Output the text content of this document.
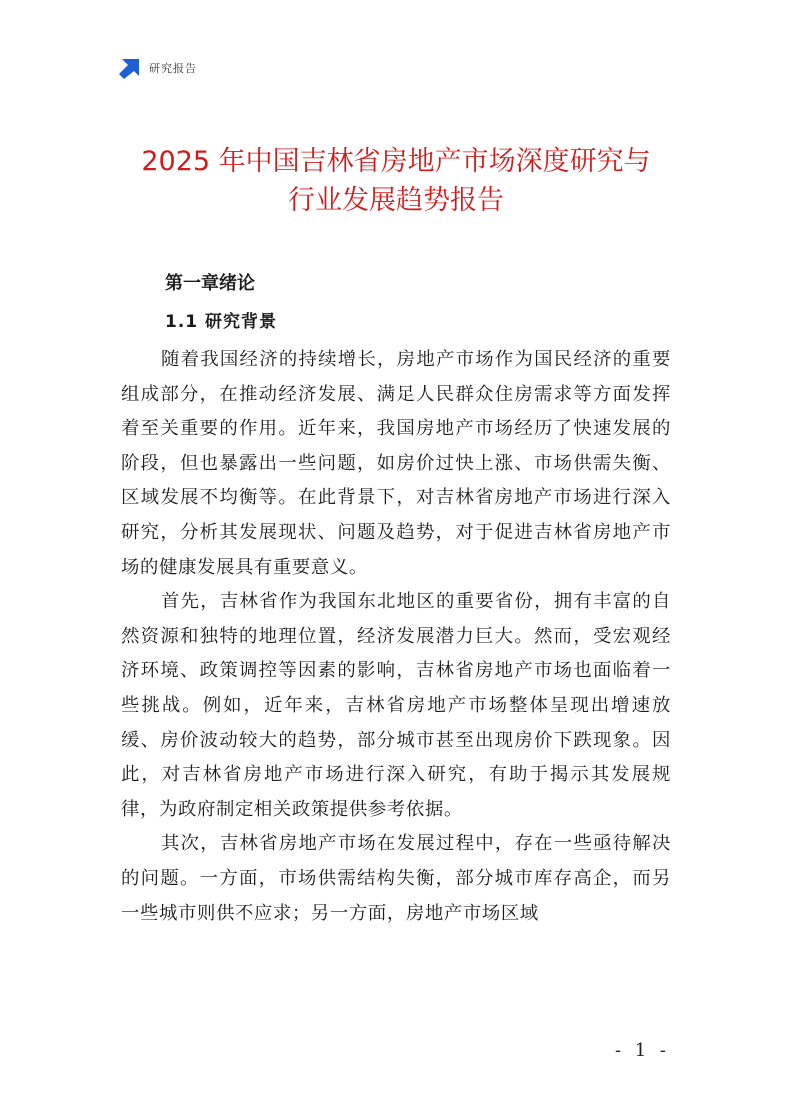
研究报告
2025 年中国吉林省房地产市场深度研究与
行业发展趋势报告
第一章绪论
1.1 研究背景

随着我国经济的持续增长，房地产市场作为国民经济的重要组成部分，在推动经济发展、满足人民群众住房需求等方面发挥着至关重要的作用。近年来，我国房地产市场经历了快速发展的阶段，但也暴露出一些问题，如房价过快上涨、市场供需失衡、区域发展不均衡等。在此背景下，对吉林省房地产市场进行深入研究，分析其发展现状、问题及趋势，对于促进吉林省房地产市场的健康发展具有重要意义。

首先，吉林省作为我国东北地区的重要省份，拥有丰富的自然资源和独特的地理位置，经济发展潜力巨大。然而，受宏观经济环境、政策调控等因素的影响，吉林省房地产市场也面临着一些挑战。例如，近年来，吉林省房地产市场整体呈现出增速放缓、房价波动较大的趋势，部分城市甚至出现房价下跌现象。因此，对吉林省房地产市场进行深入研究，有助于揭示其发展规律，为政府制定相关政策提供参考依据。

其次，吉林省房地产市场在发展过程中，存在一些亟待解决的问题。一方面，市场供需结构失衡，部分城市库存高企，而另一些城市则供不应求；另一方面，房地产市场区域

- 1 -
